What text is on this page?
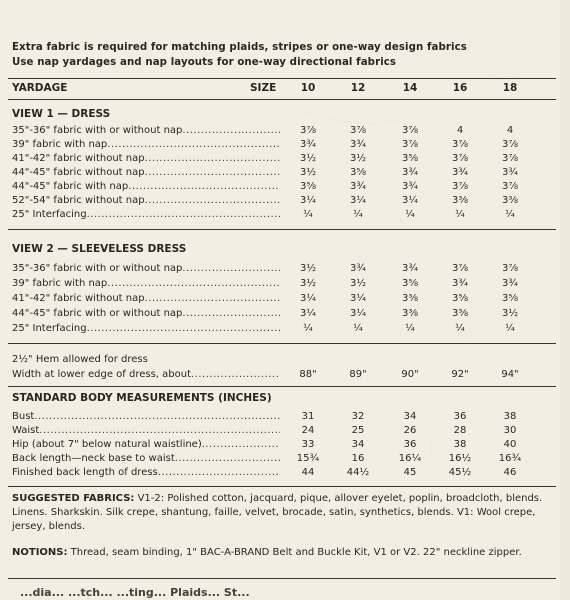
Extra fabric is required for matching plaids, stripes or one-way design fabrics
Use nap yardages and nap layouts for one-way directional fabrics
YARDAGE	SIZE	10	12	14	16	18
VIEW 1 — DRESS
35"-36" fabric with or without nap .....	3⅞	3⅞	3⅞	4	4
39" fabric with nap .....	3¾	3¾	3⅞	3⅞	3⅞
41"-42" fabric without nap .....	3½	3½	3⅝	3⅞	3⅞
44"-45" fabric without nap .....	3½	3⅝	3¾	3¾	3¾
44"-45" fabric with nap .....	3⅝	3¾	3¾	3⅞	3⅞
52"-54" fabric without nap .....	3¼	3¼	3¼	3⅜	3⅜
25" Interfacing .....	¼	¼	¼	¼	¼
VIEW 2 — SLEEVELESS DRESS
35"-36" fabric with or without nap .....	3½	3¾	3¾	3⅞	3⅞
39" fabric with nap .....	3½	3½	3⅝	3¾	3¾
41"-42" fabric without nap .....	3¼	3¼	3⅜	3⅝	3⅝
44"-45" fabric with or without nap .....	3¼	3¼	3⅜	3⅜	3½
25" Interfacing .....	¼	¼	¼	¼	¼
2½" Hem allowed for dress
Width at lower edge of dress, about .....	88"	89"	90"	92"	94"
STANDARD BODY MEASUREMENTS (INCHES)
Bust .....	31	32	34	36	38
Waist .....	24	25	26	28	30
Hip (about 7" below natural waistline) .....	33	34	36	38	40
Back length—neck base to waist .....	15¾	16	16¼	16½	16¾
Finished back length of dress .....	44	44½	45	45½	46
SUGGESTED FABRICS: V1-2: Polished cotton, jacquard, pique, allover eyelet, poplin, broadcloth, blends. Linens. Sharkskin. Silk crepe, shantung, faille, velvet, brocade, satin, synthetics, blends. V1: Wool crepe, jersey, blends.
NOTIONS: Thread, seam binding, 1" BAC-A-BRAND Belt and Buckle Kit, V1 or V2. 22" neckline zipper.
...dia... ...tch... ...ting... Plaids... St...
